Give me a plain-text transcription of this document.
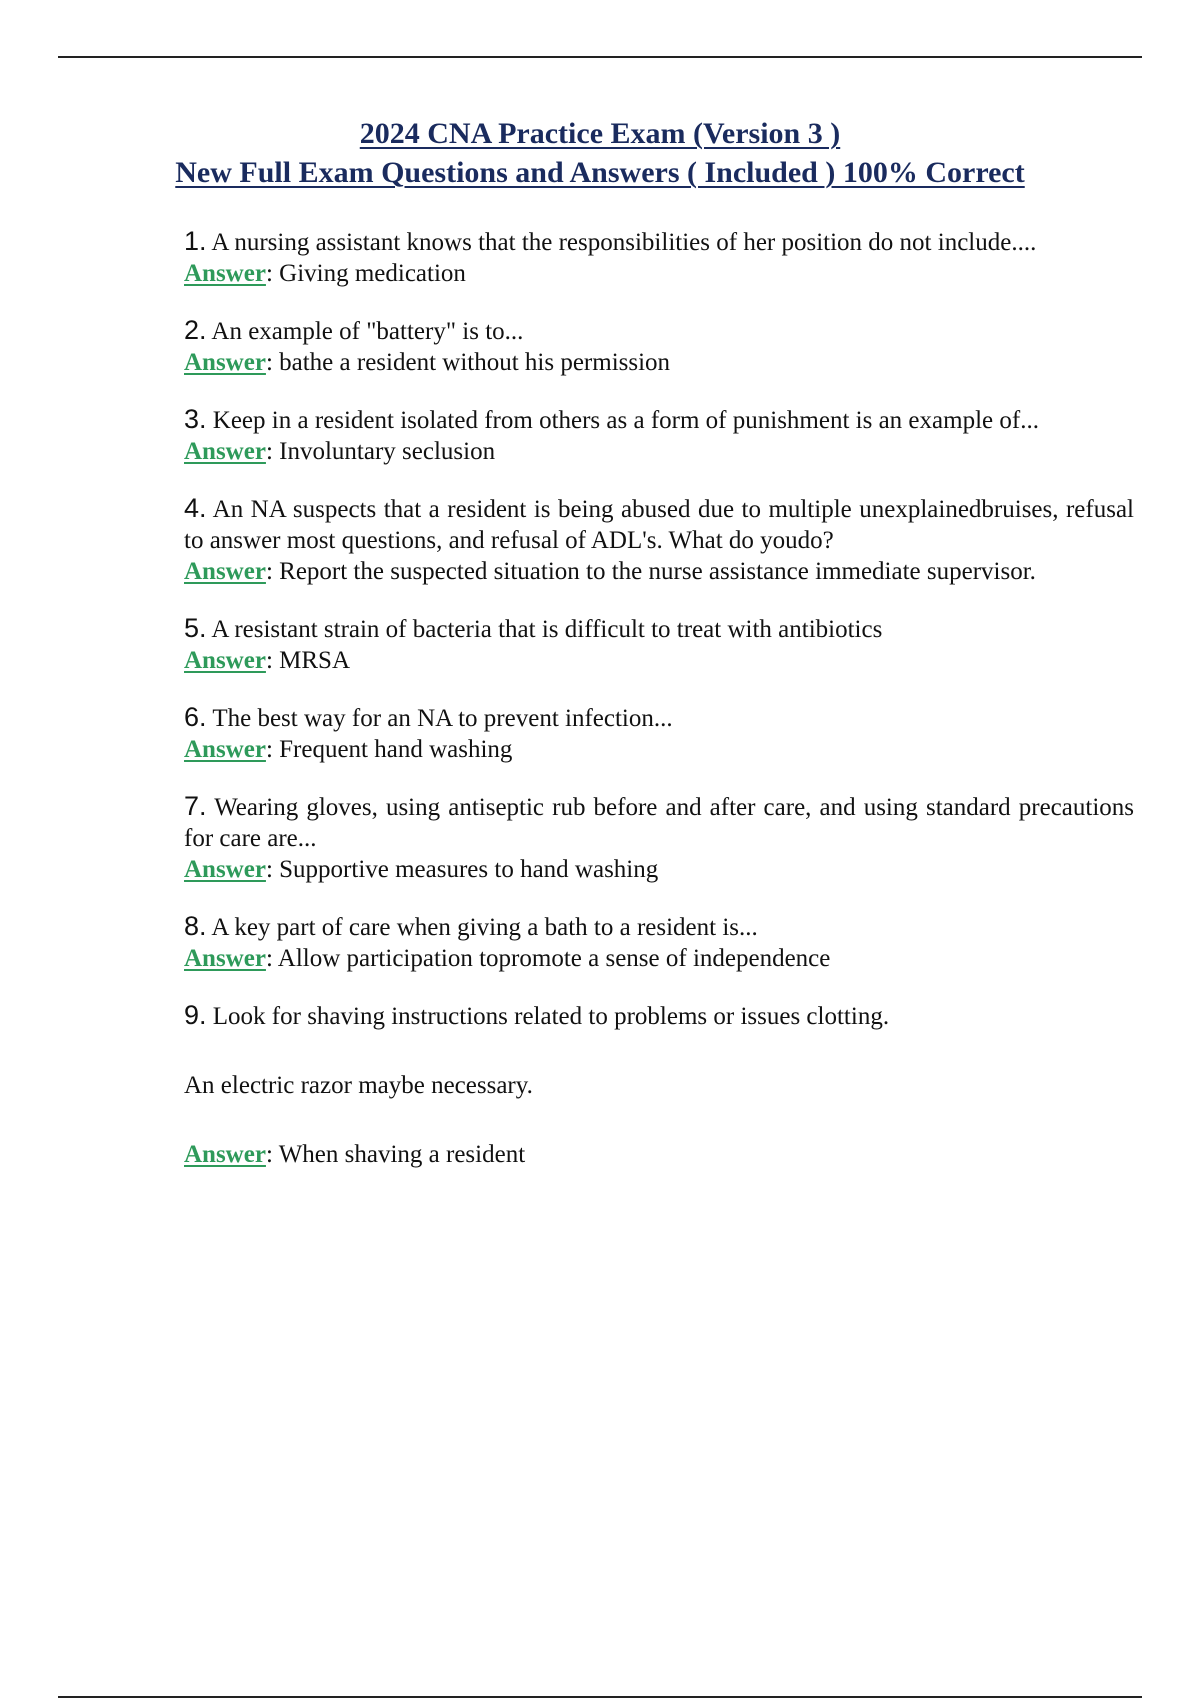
2024 CNA Practice Exam (Version 3 )
New Full Exam Questions and Answers ( Included ) 100% Correct
1. A nursing assistant knows that the responsibilities of her position do not include....
Answer: Giving medication
2. An example of "battery" is to...
Answer: bathe a resident without his permission
3. Keep in a resident isolated from others as a form of punishment is an example of...
Answer: Involuntary seclusion
4. An NA suspects that a resident is being abused due to multiple unexplainedbruises, refusal to answer most questions, and refusal of ADL's. What do youdo?
Answer: Report the suspected situation to the nurse assistance immediate supervisor.
5. A resistant strain of bacteria that is difficult to treat with antibiotics
Answer: MRSA
6. The best way for an NA to prevent infection...
Answer: Frequent hand washing
7. Wearing gloves, using antiseptic rub before and after care, and using standard precautions for care are...
Answer: Supportive measures to hand washing
8. A key part of care when giving a bath to a resident is...
Answer: Allow participation topromote a sense of independence
9. Look for shaving instructions related to problems or issues clotting.
An electric razor maybe necessary.
Answer: When shaving a resident
